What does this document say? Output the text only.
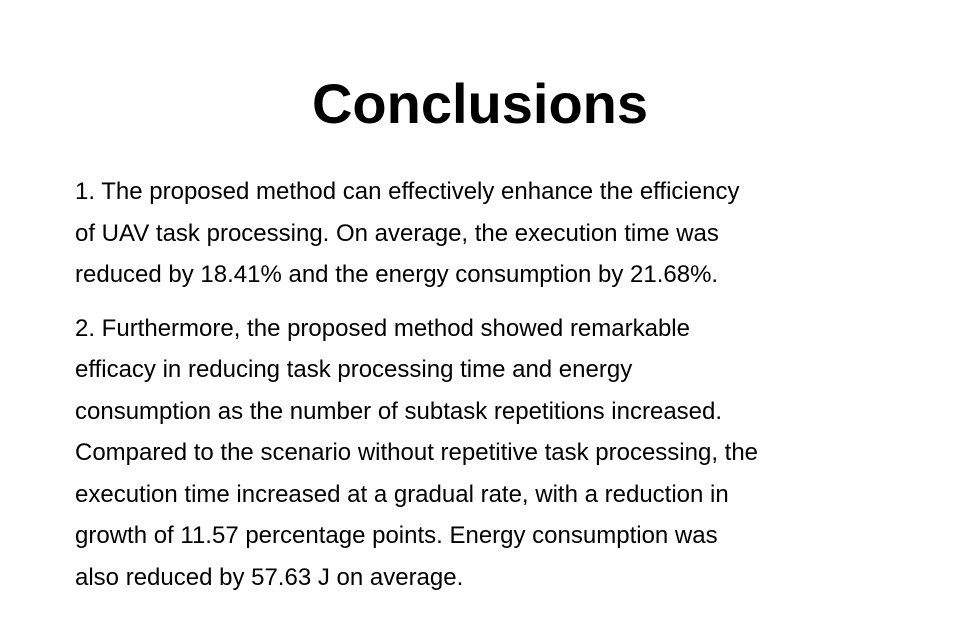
Conclusions

1. The proposed method can effectively enhance the efficiency
of UAV task processing. On average, the execution time was
reduced by 18.41% and the energy consumption by 21.68%.

2. Furthermore, the proposed method showed remarkable
efficacy in reducing task processing time and energy
consumption as the number of subtask repetitions increased.
Compared to the scenario without repetitive task processing, the
execution time increased at a gradual rate, with a reduction in
growth of 11.57 percentage points. Energy consumption was
also reduced by 57.63 J on average.
